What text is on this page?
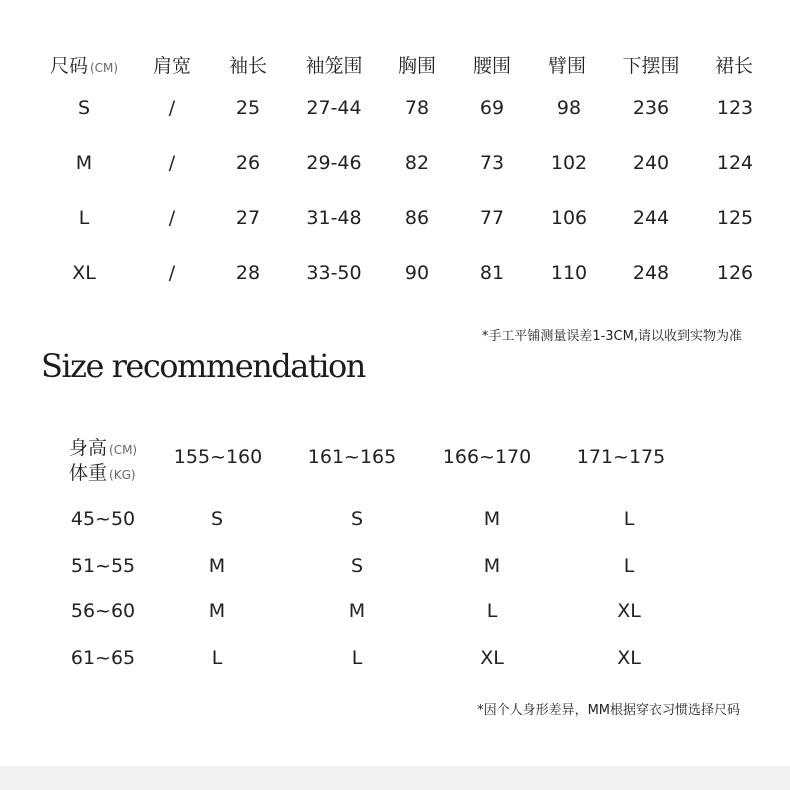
尺码 (CM) 肩宽 袖长 袖笼围 胸围 腰围 臂围 下摆围 裙长
S	/	25 27-44 78	69	98	236	123
M	/	26 29-46 82	73 102 240	124
L	/	27 31-48 86	77 106 244	125
XL	/	28 33-50 90	81 110 248	126
*手工平铺测量误差1-3CM,请以收到实物为准
Size recommendation
身高 (CM)
体重 (KG)
155~160 161~165 166~170 171~175
45~50	S	S	M	L
51~55	M	S	M	L
56~60	M	M	L	XL
61~65	L	L	XL	XL
*因个人身形差异，MM根据穿衣习惯选择尺码
